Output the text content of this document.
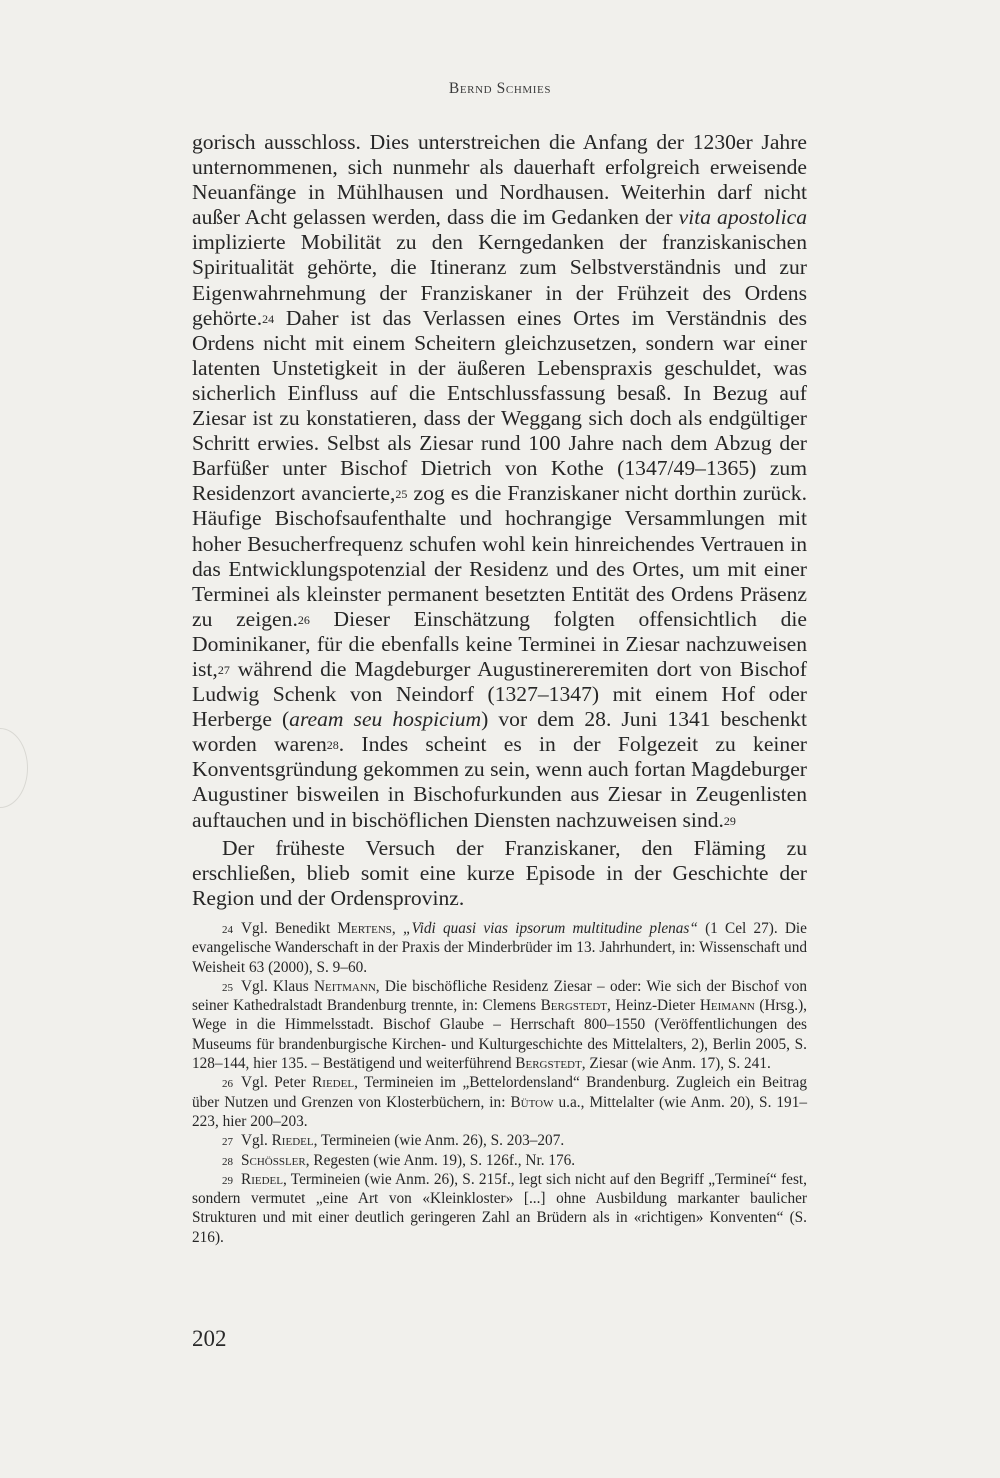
Bernd Schmies

gorisch ausschloss. Dies unterstreichen die Anfang der 1230er Jahre unternommenen, sich nunmehr als dauerhaft erfolgreich erweisende Neuanfänge in Mühlhausen und Nordhausen. Weiterhin darf nicht außer Acht gelassen werden, dass die im Gedanken der vita apostolica implizierte Mobilität zu den Kerngedanken der franziskanischen Spiritualität gehörte, die Itineranz zum Selbstverständnis und zur Eigenwahrnehmung der Franziskaner in der Frühzeit des Ordens gehörte.$^{24}$ Daher ist das Verlassen eines Ortes im Verständnis des Ordens nicht mit einem Scheitern gleichzusetzen, sondern war einer latenten Unstetigkeit in der äußeren Lebenspraxis geschuldet, was sicherlich Einfluss auf die Entschlussfassung besaß. In Bezug auf Ziesar ist zu konstatieren, dass der Weggang sich doch als endgültiger Schritt erwies. Selbst als Ziesar rund 100 Jahre nach dem Abzug der Barfüßer unter Bischof Dietrich von Kothe (1347/49–1365) zum Residenzort avancierte,$^{25}$ zog es die Franziskaner nicht dorthin zurück. Häufige Bischofsaufenthalte und hochrangige Versammlungen mit hoher Besucherfrequenz schufen wohl kein hinreichendes Vertrauen in das Entwicklungspotenzial der Residenz und des Ortes, um mit einer Terminei als kleinster permanent besetzten Entität des Ordens Präsenz zu zeigen.$^{26}$ Dieser Einschätzung folgten offensichtlich die Dominikaner, für die ebenfalls keine Terminei in Ziesar nachzuweisen ist,$^{27}$ während die Magdeburger Augustinereremiten dort von Bischof Ludwig Schenk von Neindorf (1327–1347) mit einem Hof oder Herberge (aream seu hospicium) vor dem 28. Juni 1341 beschenkt worden waren$^{28}$. Indes scheint es in der Folgezeit zu keiner Konventsgründung gekommen zu sein, wenn auch fortan Magdeburger Augustiner bisweilen in Bischofurkunden aus Ziesar in Zeugenlisten auftauchen und in bischöflichen Diensten nachzuweisen sind.$^{29}$

Der früheste Versuch der Franziskaner, den Fläming zu erschließen, blieb somit eine kurze Episode in der Geschichte der Region und der Ordensprovinz.

$^{24}$ Vgl. Benedikt Mertens, „Vidi quasi vias ipsorum multitudine plenas“ (1 Cel 27). Die evangelische Wanderschaft in der Praxis der Minderbrüder im 13. Jahrhundert, in: Wissenschaft und Weisheit 63 (2000), S. 9–60.

$^{25}$ Vgl. Klaus Neitmann, Die bischöfliche Residenz Ziesar – oder: Wie sich der Bischof von seiner Kathedralstadt Brandenburg trennte, in: Clemens Bergstedt, Heinz-Dieter Heimann (Hrsg.), Wege in die Himmelsstadt. Bischof Glaube – Herrschaft 800–1550 (Veröffentlichungen des Museums für brandenburgische Kirchen- und Kulturgeschichte des Mittelalters, 2), Berlin 2005, S. 128–144, hier 135. – Bestätigend und weiterführend Bergstedt, Ziesar (wie Anm. 17), S. 241.

$^{26}$ Vgl. Peter Riedel, Termineien im „Bettelordensland“ Brandenburg. Zugleich ein Beitrag über Nutzen und Grenzen von Klosterbüchern, in: Bütow u.a., Mittelalter (wie Anm. 20), S. 191–223, hier 200–203.

$^{27}$ Vgl. Riedel, Termineien (wie Anm. 26), S. 203–207.

$^{28}$ Schössler, Regesten (wie Anm. 19), S. 126f., Nr. 176.

$^{29}$ Riedel, Termineien (wie Anm. 26), S. 215f., legt sich nicht auf den Begriff „Termineí“ fest, sondern vermutet „eine Art von «Kleinkloster» [...] ohne Ausbildung markanter baulicher Strukturen und mit einer deutlich geringeren Zahl an Brüdern als in «richtigen» Konventen“ (S. 216).

202
